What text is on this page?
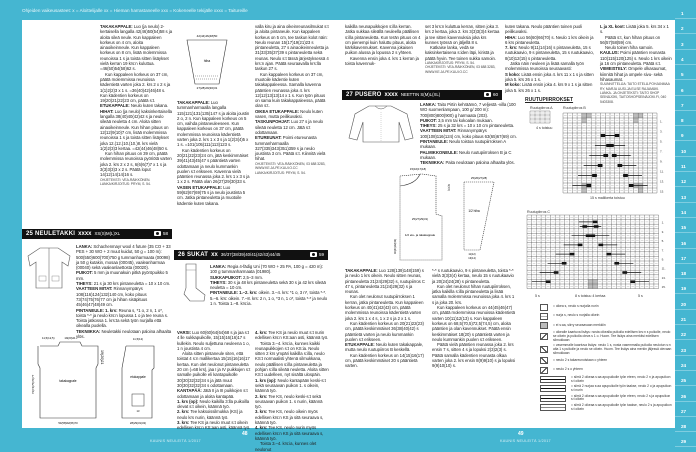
Ohjeiden vaikeusasteet: x = Aloittelijalle xx = Hieman harrastaneelle xxx = Kokeneelle tekijälle xxxx = Taitureille
48
KAUNIS NEULEITÄ 1/2017
49
KAUNIS NEULEITÄ 1/2017
1
2
3
4
5
6
7
8
9
10
11
12
13
14
15
16
17
18
19
20
21
22
23
24
25
26
27
28
29

TAKAKAPPALE: Luo (ja neulo) 2-kertaisella langalla 42(46)50(54)58 s ja aloita sileä neule. Kun kappaleen korkeus on 4 cm, aloita ainaoikeinneule. Kun kappaleen korkeus on 8 cm, lisää molemmissa reunoissa 1 s ja toista sitten lisäykset vielä kerran 19 krs:n kuluttua. =46(50)54(58)62 s.

Kun kappaleen korkeus on 37 cm, päätä molemmissa reunoissa kädentietä varten joka 2. krs 2 x 2 s ja 1(1)2(2)3 x 1 s. =36(40)42(46)48 s. Kun kädentien korkeus on 19(20)21(22)23 cm, päätä s:t.

ETUKAPPALE: Neulo kuten takana.

HIHAT: Luo (ja neulo) kaksinkertaisella langalla 38(40)40(42)42 s ja neulo sileää neuletta 4 cm. Aloita sitten ainaoikeinneule. Kun hihan pituus on 12(12)9(10)7 cm, lisää molemmissa reunoissa 1 s ja toista sitten lisäykset joka 12.(12.)10.(10.)8. krs vielä 1(2)2(3)3 kertaa. =42(44)46(48)50 s.

Kun hihan pituus on 39 cm, päätä molemmissa reunoissa pyöriötä varten joka 2. krs 2 x 2 s, 6(6)6(7)7 x 1 s ja 3(3)3(3)3 x 2 s. Päätä loput 14(12)14(14)16 s.

OHJETEKSTI: VEA-RÄIKKÖNEN. LANKA/KIRJOITUS: PRYM, S. 54.

TAKAKAPPALE: Luo tummanharmaalla langalla 115(121)131(135)147 s ja aloita joustin 2 o, 2 n. Kun kappaleen korkeus on 5 cm, vaihda pintaneuleeseen. Kun kappaleen korkeus on 37 cm, päätä molemmissa reunoissa kädentietä varten joka 2. krs 1 x 3 s ja 1(2)3(4)5 x 1 s. =101(105)111(113)123 s.

Kun kädentien korkeus on 20(21)22(23)24 cm, jätä keskimmäiset 39(41)43(45)47 s pääntietä varten odottamaan ja neulo kummankin puolen s:t erikseen. Kavenna vielä pääntien reunassa joka 2. krs 1 x 3 s ja 1 x 2 s. Päätä olan 26(27)29(30)33 s.

VASEN ETUKAPPALE: Luo 59(62)67(69)75 s ja neulo joustinta 5 cm. Jatka pintaneuletta ja muotoile kädentie kuten takana.

valla kiru ja aina oikeinreunasilmukat s:t ja aloita pintaneule. Kun kappaleen korkeus on 5 cm, tee taskun kolot näin: Neulo reunan 15(17)19(21)23 s pintaneuletta, 27 s ainaoikeinneuletta ja 31(33)35(37)39 s pintaneuletta sekä reunas. Neulo s:t tässä järjestyksessä 4 krs:n ajan. Päätä seuraavalla krs:lla taskun 27 s.

Kun kappaleen korkeus on 37 cm, muotoile kädentie kuten takakappaleessa. Samalla kavenna pääntien reunassa joka 4. krs 12(12)13(13)14 x 1 s. Kun työn pituus on sama kuin takakappaleessa, päätä olan s:t.

OIKEA ETUKAPPALE: Neulo kuten vasen, mutta peilikuvaksi.

TASKUNPOHJAT: Luo 27 s ja neulo sileää neuletta 12 cm. Jätä s:t odottamaan.

ETUREUNAT: Poimi etureunasta tummanharmaalla 327(335)343(351)359 s ja neulo joustinta 3 cm. Päätä s:t. Kiinnitä vielä hihat.

OHJETEKSTI: VEA-RÄIKKÖNEN, 03 688 3283, WWW.KE.JA.PE.KUU.IO.CC

LANKA/KIRJOITUS: PRYM, S. 54.

LANKA: Schachenmayr wool 4 future (35 CO + 33 PES + 30 WO + 2 muut kuidut, 50 g = 100 m): 500(550)600(700)750 g tummanharmaata (00098) ja 50 g kutakin, mosaa (00045), vaaleanharmaa (00040) sekä vaaleanlaettosta (00020).

PUIKOT: 5 mm ja muunakuin pitkä pyöröpuikko 5 mm.

TIHEYS: 21 s ja 30 krs pintaneuletta = 10 x 10 cm.

VAATTEEN MITAT: Rinnanympärys 108(116)124(132)140 cm, koko pituus 73(74)75(76)77 cm ja hihan sisäpituus 45(46)47(48)49 cm.

PINTANEULE: 1. krs: Reuna s, *1 o, 2 n, 1 o*, toista *-* ja neulo krs:n lopussa 1 o ja tee reuna s. Toista jatkossa 1. krs:ta sekä työn nurjalla että oikealla puolella.

TEKNIIKKA: Neuletakki neulotaan paloina alhaalta ylös.

LANKA: Regia 4-fädig Uni (70 WO + 25 PA, 100 g = 420 m): 100 g tummanharmaata (01980).

SUKKAPUIKOT: 2,5–3 mm.

TIHEYS: 30 s ja 48 krs pintaneuletta sekä 30 s ja 42 krs sileää neuletta = 10 cm.

PINTANEULE: 1.–2. krs: oikein. 3.–4. krs: *1 o, 3 n*, toista *-*. 5.–6. krs: oikein. 7.–8. krs: 2 n, 1 o, *3 n, 1 o*, toista *-* ja neulo 1 n. Toista 1.–8. krs:ia.

VARSI: Luo 60(60)64(64)68 s ja jaa s:t 4 lle sukkapuikolle, 15(15)16(16)17 s kullekin. Neulo suljettuna neuleena 1 o, 1 n joustinta 4 cm.

Aloita sitten pintaneule siten, että toistat 4 s:n mallikertaa 15(15)16(16)17 kertaa. Kun olet neulonut pintaneuletta 20 cm (=68 krs), jaa I ja IV puikkojen s:t samalle puikolle eli kantapuikolle 30(30)32(32)34 s ja jätä muut 30(30)32(32)34 s odottamaan.

KANTAPÄÄ: Jätä II ja III puikkojen s:t odottamaan ja aloita kantapää.

1. krs (op): Neulo kaikilla 3:lla puikoilla olevat s:t oikein, käännä työ.

2. krs: Tee kaksoissilmukka (KS) ja neulo krs nurin, käännä työ.

3. krs: Tee KS ja neulo muut s:t oikein edellisen krs:n KS:aan asti, käännä työ.

4. krs: Tee KS ja neulo muut s:t nurin edellisen krs:n KS:aan asti, käännä työ.

Toista 3.–4. krs:ia, kunnes kaikki reunapuikkojen s:t on KS:ia. Neulo sitten 2 krs ympäri kaikilla s:illa, neulo KS:t normaalisti yhtenä silmukkana, neulo päällisen s:illa pintaneuletta ja pohjan s:illa sileää neuletta. Aloita sitten KS:t uudelleen, nyt sisältä ulospäin.

1. krs (op): Neulo kantapään keski-s:t sekä seuraavan puikon 1. s oikein, käännä työ.

2. krs: Tee KS, neulo keski-s:t sekä seuraavan puikon 1. s nurin, käännä työ.

3. krs: Tee KS, neulo oikein myös edellisen krs:n KS ja sitä seuraava s, käännä työ.

4. krs: Tee KS, neulo nurin myös edellisen krs:n KS ja sitä seuraava s, käännä työ.

Toista 3.–4. krs:ia, kunnes olet neulonut

kaikilla neunapuikkojen s:illa kerran. Jatka sukkaa sileällä neuleella päällisen s:illa pintaneuletta. Kun terän pituus on 4 cm pienempi kuin haluttu pituus, aloita kärkikavennukset. Kavenna jokaisen puikon alussa ja lopussa 2 s yhteen.

Kavenna ensin joka 4. krs 1 kerran ja toista kavennuk-

set 3 krs:n kuluttua kerran, sitten joka 3. krs 2 kertaa, joka 2. krs 3(3)3(3)4 kertaa ja tee sitten kavennuksia joka krs kunnes työssä on jäljellä 8 s.

Katkaise lanka, vedä se kaksinkertaisena s:iden läpi, kiristä ja päätä hyvin. Tee toinen sukka samoin.

LANKAKIRJOITUS: PRYM, S. 54.

OHJETEKSTI: VEA-RÄIKKÖNEN, 03 688 3283, WWW.KE.JA.PE.KUU.IO.CC

kuten takana. Neulo pääntien toinen puoli peilikuvaksi.

HIHA: Luo 56(60)66(70) s. Neulo 1 krs oikein ja 6 krs pintaneuletta.

7. krs: Neulo 9(11)14(16) s pintaneuletta, 15 s ruutukaavio, 9 s pintaneuletta, 15 s ruutukaavio, 8(10)12(15) s pintaneuletta.

Jatka näin neuleen ja lisää samalla työn molemmissa reunoissa seuraavasti:

S koko: Lisää ensin joka 4. krs 11 x 1 s ja sitten joka 5. krs 26 x 1 s.

M koko: Lisää ensin joka 4. krs 9 x 1 s ja sitten joka 5. krs 26 x 1 s.

L ja XL koot: Lisää joka 5. krs 34 x 1 s.

Päätä s:t, kun hihan pituus on 56(57)58(59) cm.

Neulo toinen hiha samoin.

KAULUS: Poimi pääntien reunasta 110(115)120(125) s. Neulo 1 krs oikein ja 16 cm pintaneuletta. Päätä s:t.

VIIMEISTELY: Ompele olkasaumat, kiinnitä hihat ja ompele sivu- sekä hihasaumat.

SUUNNITTELIJA: TAITO ETELÄ-POHJANMAA RY, MARJA UUSI-JA ELISE RAJAMÄKI.

LANKA- JA OHJETEKSTI: TAITO SHOP SEINÄJOKI, TAITOSHOPSEINÄJOKI.FI, 040 5403308.

LANKA: Taito Pirtin kehräämö, 7 veljestä -villa (100 WO suomenlampaan, 100 g/ 200 m): 700(800)800(900) g harmaata (203).

PUIKOT: 3,5 mm tai kokoalan mukaan.

TIHEYS: 25 s ja 32 krs = 10 x 10 cm pintaneuletta.

VAATTEEN MITAT: Rinnanympärys 100(108)116(124) cm, koko pituus 63(65)67(69) cm.

PINTANEULE: Neulo toistoa ruutupiirroksen A mukaan.

PALMIKKONEULE: Neulo ruutupiirroksen B ja C mukaan.

TEKNIIKKA: Paita neulotaan paloina alhaalta ylös.

TAKAKAPPALE: Luo 128(139)148(159) s ja neulo 1 krs oikein. Neulo sitten reunas, pintaneuletta 21(24)29(32) s, ruutupiirros C 47 s, pintaneuletta 21(24)29(32) s ja reunas.

Kun olet neulonut ruutupiirroksen 1 kerran, jatka pintaneuletta. Kun kappaleen korkeus on 40(41)42(43) cm, päätä molemmissa reunoissa kädentietä varten joka 2. krs 1 x 4 s, 1 x 2 s ja 2 x 1 s.

Kun kädentien korkeus on 20(21)22(23) cm, päätä keskimmäiset 36(38)40(42) s pääntietä varten ja neulo kummankin puolen s:t erikseen.

ETUKAPPALE: Neulo kuten takakappale, mutta neulo ruutupiirros B keskellä.

Kun kädentien korkeus on 14(15)16(17) cm, päätä keskimmäiset 20 s pääntietä varten.

*-* s ruutukaavio, 9 s pintaneuletta, toista *-* vielä 3(3)3(4) kertaa, neulo 15 s ruutukaavio ja 20(24)24(28) s pintaneuletta.

Kun olet neulonut hihan ruutupiirroksen, jatka kaikilla s:illa pintaneuletta ja lisää samalla molemmissa reunoissa joka 4. krs 1 s ja joka 20. krs.

Kun kappaleen korkeus on 44(45)46(47) cm, päätä molemmissa reunoissa kädentietä varten 10(11)12(13) s. Kun kappaleen korkeus on 68,5(70,5)72,5(74,5) cm, aloita pääntien ja olan kavennukset. Päätä ensin keskimmäiset 18(20) s pääntietä varten ja neulo kummankin puolen s:t erikseen.

Päätä vielä pääntien reunassa joka 2. krs ensin 7 s, sitten 4 s ja lopuksi 2(3)2(3) s. Päätä samalla kädentien reunasta olkaa varten joka 2. krs ensin 8(9)9(10) s ja lopuksi 9(9)10(10) s.

25 NEULETAKKI xxxx XS(S)M(L)XL	58
26 SUKAT xx 36/37(38/39)40/41(42/43)44/45	59
27 PUSERO xxxx NEETTIN S(M)L(XL)	60
42(44)46(48)50
hiha
27(28)29(30)31
19(20)21
11,5(12,5)
takakappale
54(58)62(66)70
73(74)75(76)77
19(20)21
11,5(12)
etukappale
13
28(29)31(32)
15(16)17(18)
25(27)29(31)
1/2 etu- ja takakappale
40(41)42(43)
4(4,5)
25(26)27(28)
1/2 hiha
11(12)
13(14)
RUUTUPIIRROKSET
Ruutupiirros A	Ruutupiirros B
Ruutupiirros C
4 s toistuu
15.
13.
11.
9.
7.
5.
3.
1.
15 s mallikerta toistuu
15.
13.
11.
9.
7.
5.
3.
1.
5 s	8 s toistuu 4 kertaa	5 s
= oikea s, neulo s nurjalla nurin
= nurja s, neulo s nurjalla oikein
= ei s:aa, siirry seuraavaan merkkiin
= oikealle kaartuva lisäys: nosta oikealla puikolla edellisen krs:n s puikolle, neulo se oikein ja puikolla oleva s 1 o. Huom. Tee lisäys aina merkitsi edellisen silmukkaan
= vasemmalle kaartuva lisäys: neulo 1 s, nosta vasemmalla puikolla neulotun s:n alta 1 s puikolle ja neulo se oikein. Huom. Tee lisäys aina merkin jäljessä olevaan silmukkaan
= neulo 2 s takareunoistaan o yhteen
= neulo 2 s o yhteen
= siirrä 2 oikeaa s:aa apupuikolle työn eteen, neulo 2 n ja apupuikon s:t oikein
= siirrä 2 nurjaa s:aa apupuikolle työn taakse, neulo 2 o ja apupuikon s:t nurin
= siirrä 2 oikeaa s:aa apupuikolle työn eteen, neulo 2 s ja apupuikon s:t oikein
= siirrä 2 oikeaa s:aa apupuikolle työn taakse, neulo 2 s ja apupuikon s:t oikein
